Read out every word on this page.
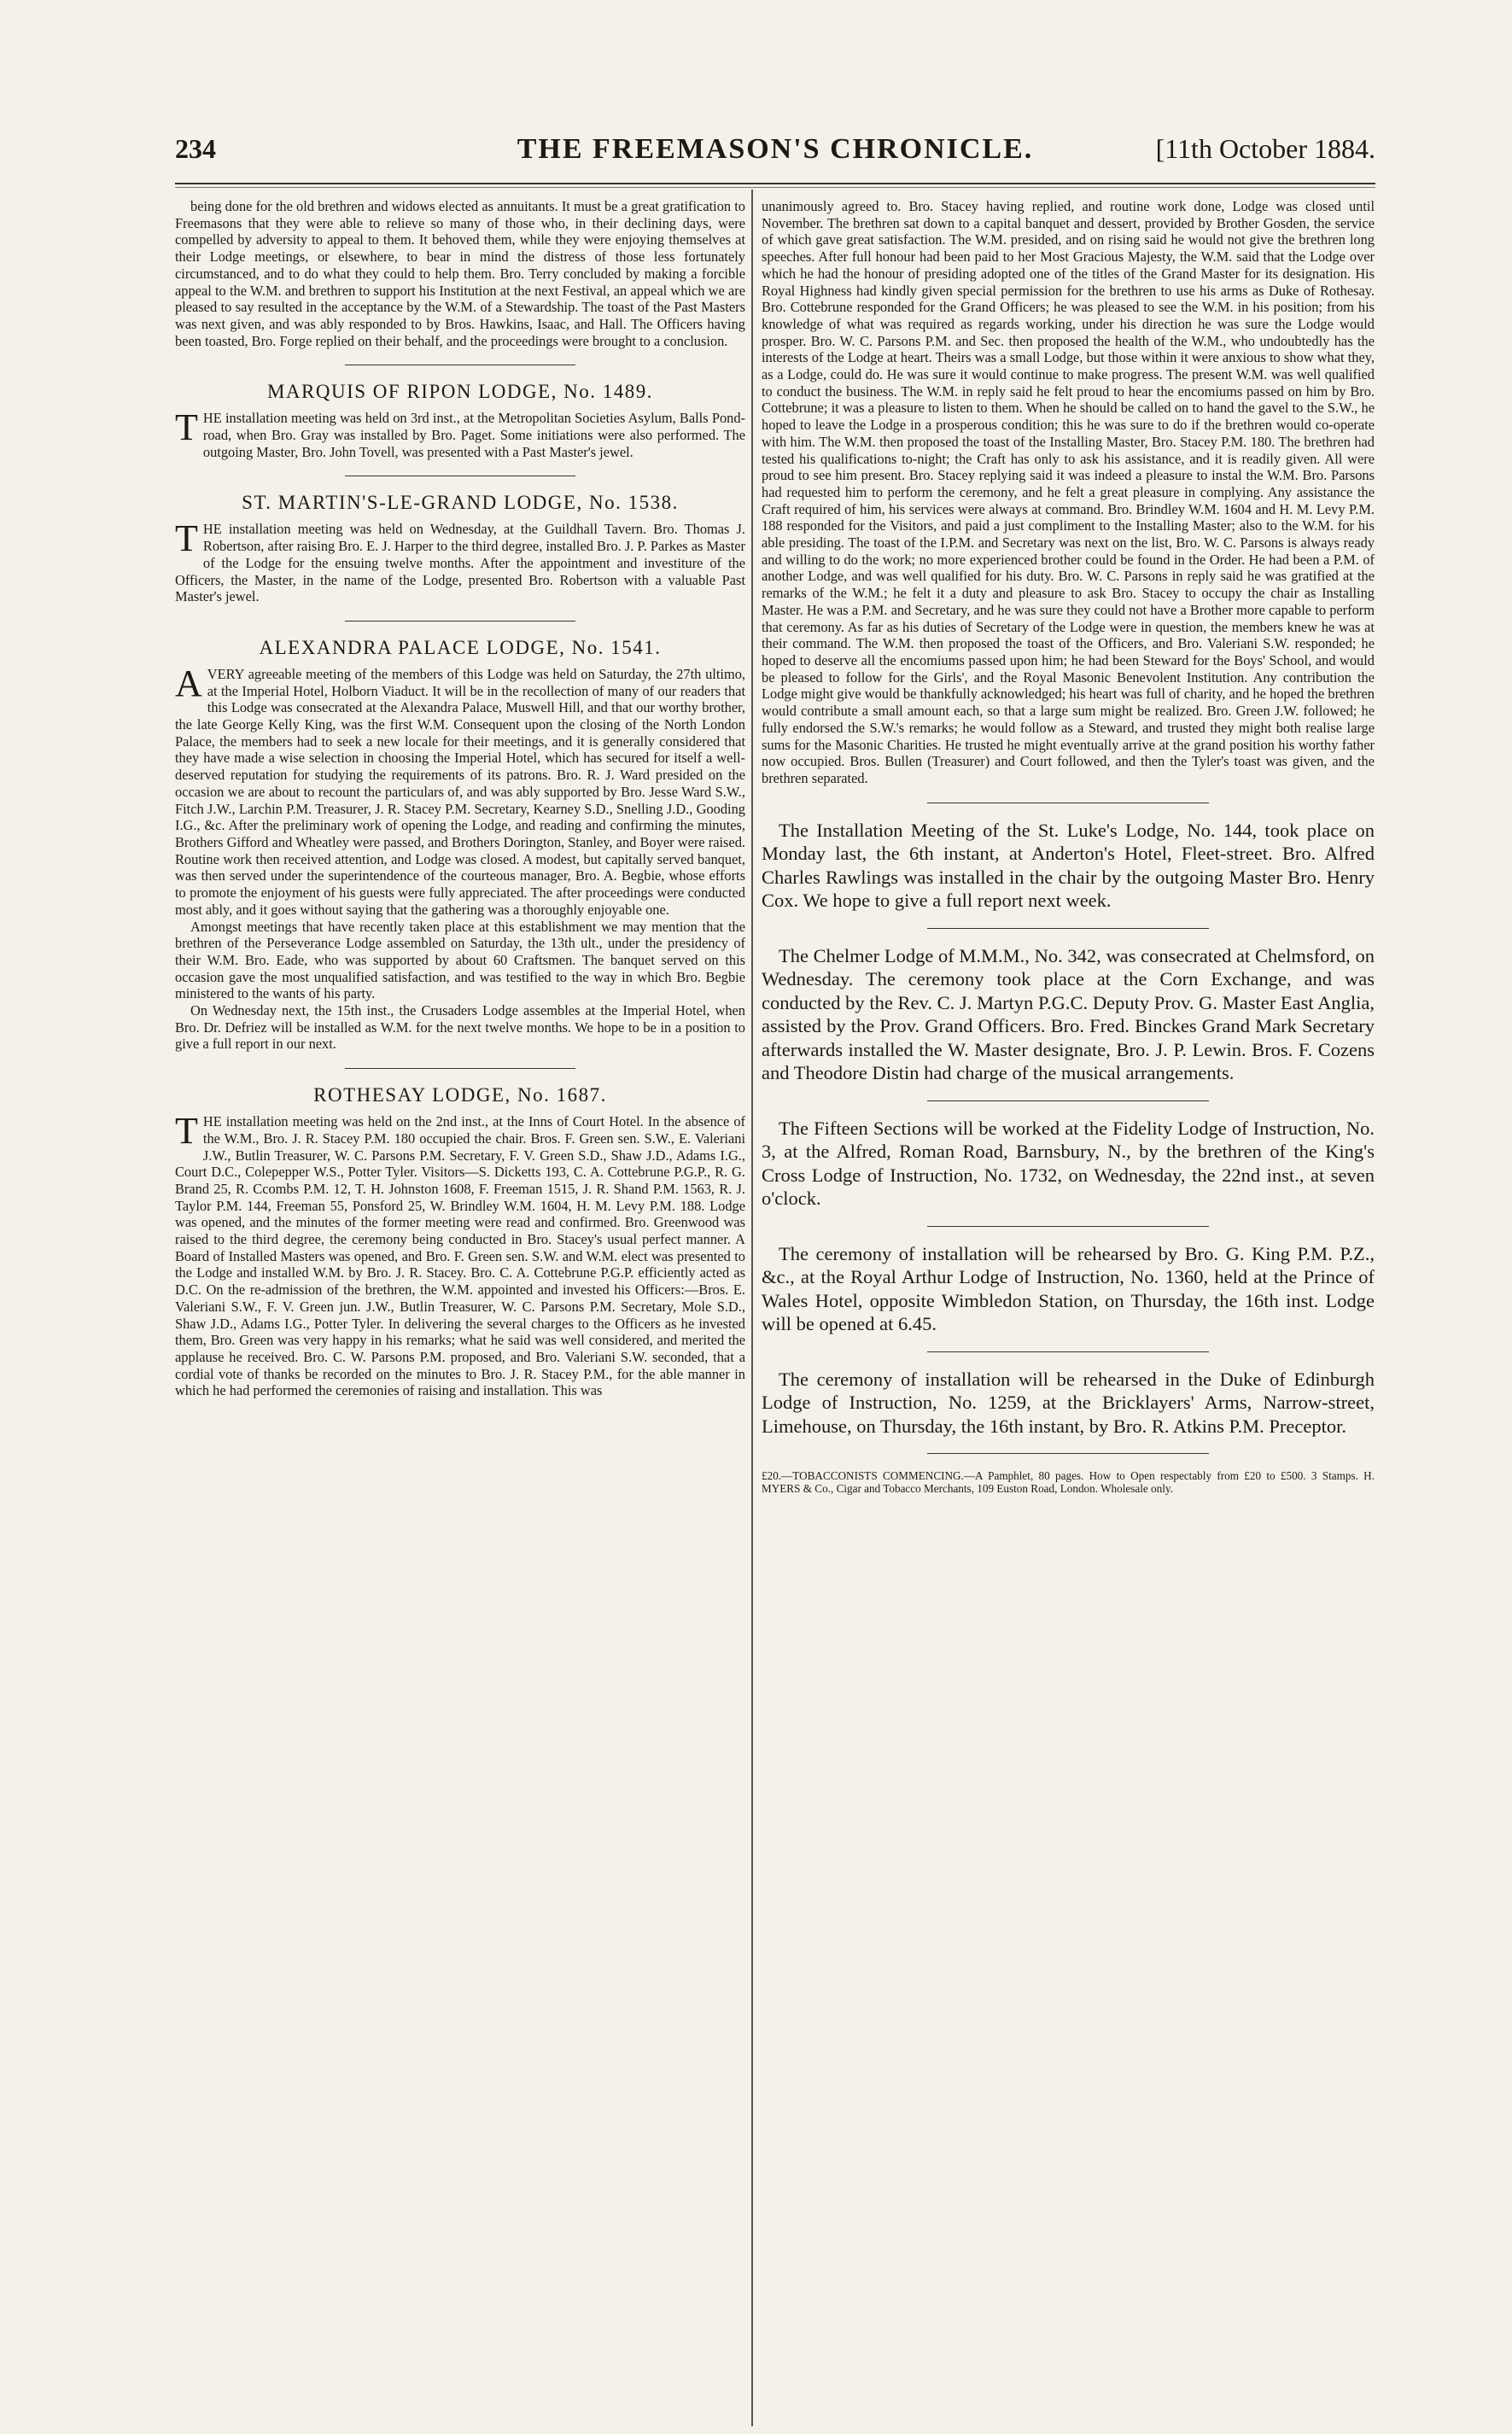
234	THE FREEMASON'S CHRONICLE.	[11th October 1884.

being done for the old brethren and widows elected as annuitants. It must be a great gratification to Freemasons that they were able to relieve so many of those who, in their declining days, were compelled by adversity to appeal to them. It behoved them, while they were enjoying themselves at their Lodge meetings, or elsewhere, to bear in mind the distress of those less fortunately circumstanced, and to do what they could to help them. Bro. Terry concluded by making a forcible appeal to the W.M. and brethren to support his Institution at the next Festival, an appeal which we are pleased to say resulted in the acceptance by the W.M. of a Stewardship. The toast of the Past Masters was next given, and was ably responded to by Bros. Hawkins, Isaac, and Hall. The Officers having been toasted, Bro. Forge replied on their behalf, and the proceedings were brought to a conclusion.

MARQUIS OF RIPON LODGE, No. 1489.

THE installation meeting was held on 3rd inst., at the Metropolitan Societies Asylum, Balls Pond-road, when Bro. Gray was installed by Bro. Paget. Some initiations were also performed. The outgoing Master, Bro. John Tovell, was presented with a Past Master's jewel.

ST. MARTIN'S-LE-GRAND LODGE, No. 1538.

THE installation meeting was held on Wednesday, at the Guildhall Tavern. Bro. Thomas J. Robertson, after raising Bro. E. J. Harper to the third degree, installed Bro. J. P. Parkes as Master of the Lodge for the ensuing twelve months. After the appointment and investiture of the Officers, the Master, in the name of the Lodge, presented Bro. Robertson with a valuable Past Master's jewel.

ALEXANDRA PALACE LODGE, No. 1541.

AVERY agreeable meeting of the members of this Lodge was held on Saturday, the 27th ultimo, at the Imperial Hotel, Holborn Viaduct. It will be in the recollection of many of our readers that this Lodge was consecrated at the Alexandra Palace, Muswell Hill, and that our worthy brother, the late George Kelly King, was the first W.M. Consequent upon the closing of the North London Palace, the members had to seek a new locale for their meetings, and it is generally considered that they have made a wise selection in choosing the Imperial Hotel, which has secured for itself a well-deserved reputation for studying the requirements of its patrons. Bro. R. J. Ward presided on the occasion we are about to recount the particulars of, and was ably supported by Bro. Jesse Ward S.W., Fitch J.W., Larchin P.M. Treasurer, J. R. Stacey P.M. Secretary, Kearney S.D., Snelling J.D., Gooding I.G., &c. After the preliminary work of opening the Lodge, and reading and confirming the minutes, Brothers Gifford and Wheatley were passed, and Brothers Dorington, Stanley, and Boyer were raised. Routine work then received attention, and Lodge was closed. A modest, but capitally served banquet, was then served under the superintendence of the courteous manager, Bro. A. Begbie, whose efforts to promote the enjoyment of his guests were fully appreciated. The after proceedings were conducted most ably, and it goes without saying that the gathering was a thoroughly enjoyable one.

Amongst meetings that have recently taken place at this establishment we may mention that the brethren of the Perseverance Lodge assembled on Saturday, the 13th ult., under the presidency of their W.M. Bro. Eade, who was supported by about 60 Craftsmen. The banquet served on this occasion gave the most unqualified satisfaction, and was testified to the way in which Bro. Begbie ministered to the wants of his party.

On Wednesday next, the 15th inst., the Crusaders Lodge assembles at the Imperial Hotel, when Bro. Dr. Defriez will be installed as W.M. for the next twelve months. We hope to be in a position to give a full report in our next.

ROTHESAY LODGE, No. 1687.

THE installation meeting was held on the 2nd inst., at the Inns of Court Hotel. In the absence of the W.M., Bro. J. R. Stacey P.M. 180 occupied the chair. Bros. F. Green sen. S.W., E. Valeriani J.W., Butlin Treasurer, W. C. Parsons P.M. Secretary, F. V. Green S.D., Shaw J.D., Adams I.G., Court D.C., Colepepper W.S., Potter Tyler. Visitors—S. Dicketts 193, C. A. Cottebrune P.G.P., R. G. Brand 25, R. Ccombs P.M. 12, T. H. Johnston 1608, F. Freeman 1515, J. R. Shand P.M. 1563, R. J. Taylor P.M. 144, Freeman 55, Ponsford 25, W. Brindley W.M. 1604, H. M. Levy P.M. 188. Lodge was opened, and the minutes of the former meeting were read and confirmed. Bro. Greenwood was raised to the third degree, the ceremony being conducted in Bro. Stacey's usual perfect manner. A Board of Installed Masters was opened, and Bro. F. Green sen. S.W. and W.M. elect was presented to the Lodge and installed W.M. by Bro. J. R. Stacey. Bro. C. A. Cottebrune P.G.P. efficiently acted as D.C. On the re-admission of the brethren, the W.M. appointed and invested his Officers:—Bros. E. Valeriani S.W., F. V. Green jun. J.W., Butlin Treasurer, W. C. Parsons P.M. Secretary, Mole S.D., Shaw J.D., Adams I.G., Potter Tyler. In delivering the several charges to the Officers as he invested them, Bro. Green was very happy in his remarks; what he said was well considered, and merited the applause he received. Bro. C. W. Parsons P.M. proposed, and Bro. Valeriani S.W. seconded, that a cordial vote of thanks be recorded on the minutes to Bro. J. R. Stacey P.M., for the able manner in which he had performed the ceremonies of raising and installation. This was

unanimously agreed to. Bro. Stacey having replied, and routine work done, Lodge was closed until November. The brethren sat down to a capital banquet and dessert, provided by Brother Gosden, the service of which gave great satisfaction. The W.M. presided, and on rising said he would not give the brethren long speeches. After full honour had been paid to her Most Gracious Majesty, the W.M. said that the Lodge over which he had the honour of presiding adopted one of the titles of the Grand Master for its designation. His Royal Highness had kindly given special permission for the brethren to use his arms as Duke of Rothesay. Bro. Cottebrune responded for the Grand Officers; he was pleased to see the W.M. in his position; from his knowledge of what was required as regards working, under his direction he was sure the Lodge would prosper. Bro. W. C. Parsons P.M. and Sec. then proposed the health of the W.M., who undoubtedly has the interests of the Lodge at heart. Theirs was a small Lodge, but those within it were anxious to show what they, as a Lodge, could do. He was sure it would continue to make progress. The present W.M. was well qualified to conduct the business. The W.M. in reply said he felt proud to hear the encomiums passed on him by Bro. Cottebrune; it was a pleasure to listen to them. When he should be called on to hand the gavel to the S.W., he hoped to leave the Lodge in a prosperous condition; this he was sure to do if the brethren would co-operate with him. The W.M. then proposed the toast of the Installing Master, Bro. Stacey P.M. 180. The brethren had tested his qualifications to-night; the Craft has only to ask his assistance, and it is readily given. All were proud to see him present. Bro. Stacey replying said it was indeed a pleasure to instal the W.M. Bro. Parsons had requested him to perform the ceremony, and he felt a great pleasure in complying. Any assistance the Craft required of him, his services were always at command. Bro. Brindley W.M. 1604 and H. M. Levy P.M. 188 responded for the Visitors, and paid a just compliment to the Installing Master; also to the W.M. for his able presiding. The toast of the I.P.M. and Secretary was next on the list, Bro. W. C. Parsons is always ready and willing to do the work; no more experienced brother could be found in the Order. He had been a P.M. of another Lodge, and was well qualified for his duty. Bro. W. C. Parsons in reply said he was gratified at the remarks of the W.M.; he felt it a duty and pleasure to ask Bro. Stacey to occupy the chair as Installing Master. He was a P.M. and Secretary, and he was sure they could not have a Brother more capable to perform that ceremony. As far as his duties of Secretary of the Lodge were in question, the members knew he was at their command. The W.M. then proposed the toast of the Officers, and Bro. Valeriani S.W. responded; he hoped to deserve all the encomiums passed upon him; he had been Steward for the Boys' School, and would be pleased to follow for the Girls', and the Royal Masonic Benevolent Institution. Any contribution the Lodge might give would be thankfully acknowledged; his heart was full of charity, and he hoped the brethren would contribute a small amount each, so that a large sum might be realized. Bro. Green J.W. followed; he fully endorsed the S.W.'s remarks; he would follow as a Steward, and trusted they might both realise large sums for the Masonic Charities. He trusted he might eventually arrive at the grand position his worthy father now occupied. Bros. Bullen (Treasurer) and Court followed, and then the Tyler's toast was given, and the brethren separated.

The Installation Meeting of the St. Luke's Lodge, No. 144, took place on Monday last, the 6th instant, at Anderton's Hotel, Fleet-street. Bro. Alfred Charles Rawlings was installed in the chair by the outgoing Master Bro. Henry Cox. We hope to give a full report next week.

The Chelmer Lodge of M.M.M., No. 342, was consecrated at Chelmsford, on Wednesday. The ceremony took place at the Corn Exchange, and was conducted by the Rev. C. J. Martyn P.G.C. Deputy Prov. G. Master East Anglia, assisted by the Prov. Grand Officers. Bro. Fred. Binckes Grand Mark Secretary afterwards installed the W. Master designate, Bro. J. P. Lewin. Bros. F. Cozens and Theodore Distin had charge of the musical arrangements.

The Fifteen Sections will be worked at the Fidelity Lodge of Instruction, No. 3, at the Alfred, Roman Road, Barnsbury, N., by the brethren of the King's Cross Lodge of Instruction, No. 1732, on Wednesday, the 22nd inst., at seven o'clock.

The ceremony of installation will be rehearsed by Bro. G. King P.M. P.Z., &c., at the Royal Arthur Lodge of Instruction, No. 1360, held at the Prince of Wales Hotel, opposite Wimbledon Station, on Thursday, the 16th inst. Lodge will be opened at 6.45.

The ceremony of installation will be rehearsed in the Duke of Edinburgh Lodge of Instruction, No. 1259, at the Bricklayers' Arms, Narrow-street, Limehouse, on Thursday, the 16th instant, by Bro. R. Atkins P.M. Preceptor.

£20.—TOBACCONISTS COMMENCING.—A Pamphlet, 80 pages. How to Open respectably from £20 to £500. 3 Stamps. H. MYERS & Co., Cigar and Tobacco Merchants, 109 Euston Road, London. Wholesale only.
